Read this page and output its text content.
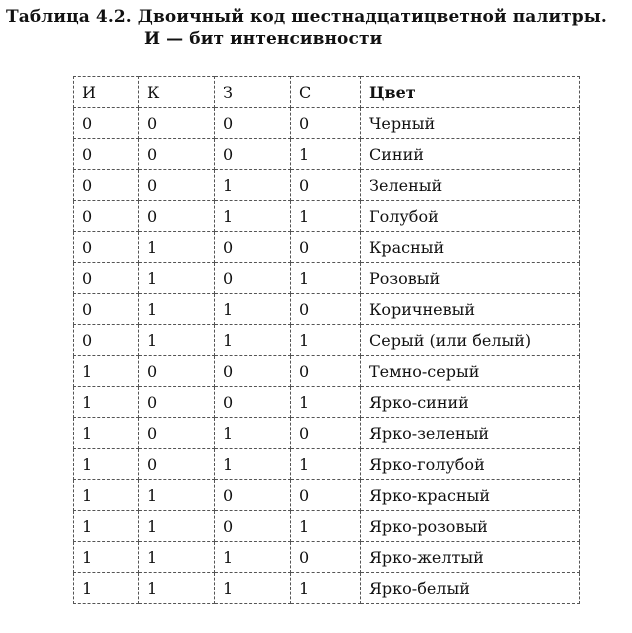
Таблица 4.2. Двоичный код шестнадцатицветной палитры.
И — бит интенсивности
И	К	З	С	Цвет
0	0	0	0	Черный
0	0	0	1	Синий
0	0	1	0	Зеленый
0	0	1	1	Голубой
0	1	0	0	Красный
0	1	0	1	Розовый
0	1	1	0	Коричневый
0	1	1	1	Серый (или белый)
1	0	0	0	Темно-серый
1	0	0	1	Ярко-синий
1	0	1	0	Ярко-зеленый
1	0	1	1	Ярко-голубой
1	1	0	0	Ярко-красный
1	1	0	1	Ярко-розовый
1	1	1	0	Ярко-желтый
1	1	1	1	Ярко-белый
